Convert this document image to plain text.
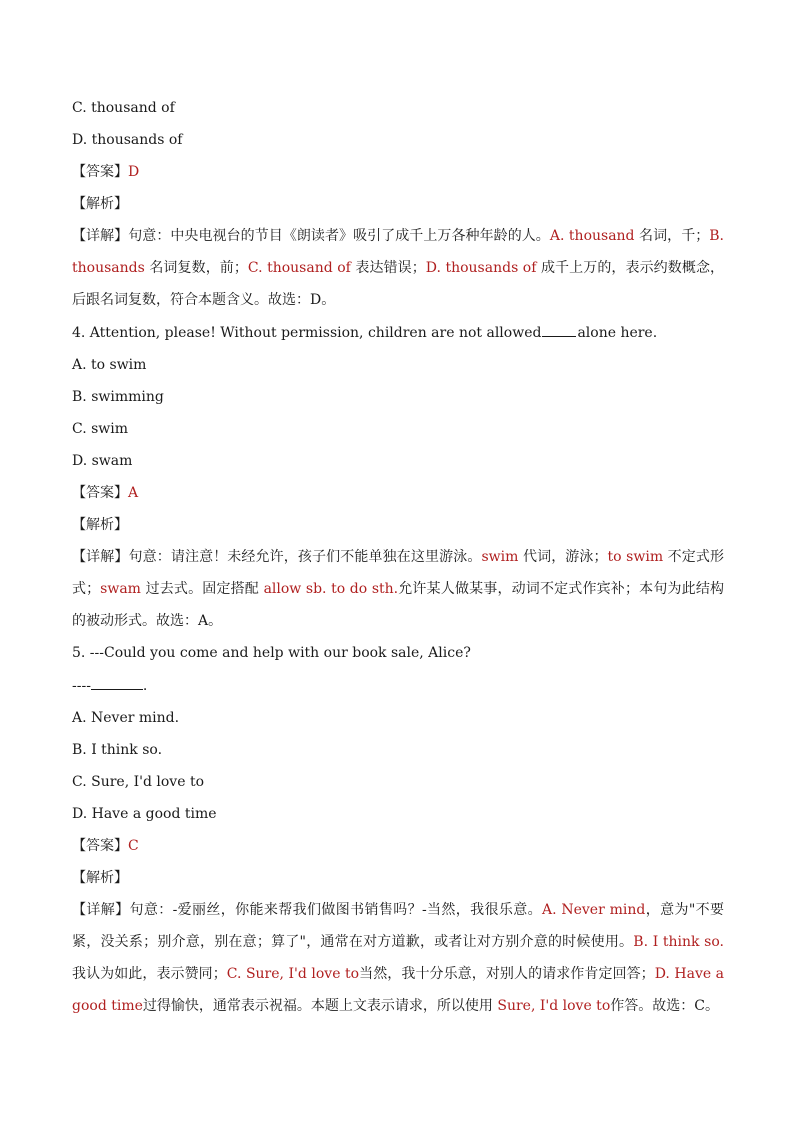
C. thousand of

D. thousands of

【答案】D

【解析】

【详解】句意：中央电视台的节目《朗读者》吸引了成千上万各种年龄的人。A. thousand 名词，千；B. thousands 名词复数，前；C. thousand of 表达错误；D. thousands of 成千上万的，表示约数概念，后跟名词复数，符合本题含义。故选：D。

4. Attention, please! Without permission, children are not allowed	alone here.

A. to swim

B. swimming

C. swim

D. swam

【答案】A

【解析】

【详解】句意：请注意！未经允许，孩子们不能单独在这里游泳。swim 代词，游泳；to swim 不定式形式；swam 过去式。固定搭配 allow sb. to do sth.允许某人做某事，动词不定式作宾补；本句为此结构的被动形式。故选：A。

5. ---Could you come and help with our book sale, Alice?

----	.

A. Never mind.

B. I think so.

C. Sure, I'd love to

D. Have a good time

【答案】C

【解析】

【详解】句意：-爱丽丝，你能来帮我们做图书销售吗？-当然，我很乐意。A. Never mind，意为"不要紧，没关系；别介意，别在意；算了"，通常在对方道歉，或者让对方别介意的时候使用。B. I think so.我认为如此，表示赞同；C. Sure, I'd love to当然，我十分乐意，对别人的请求作肯定回答；D. Have a good time过得愉快，通常表示祝福。本题上文表示请求，所以使用 Sure, I'd love to作答。故选：C。
